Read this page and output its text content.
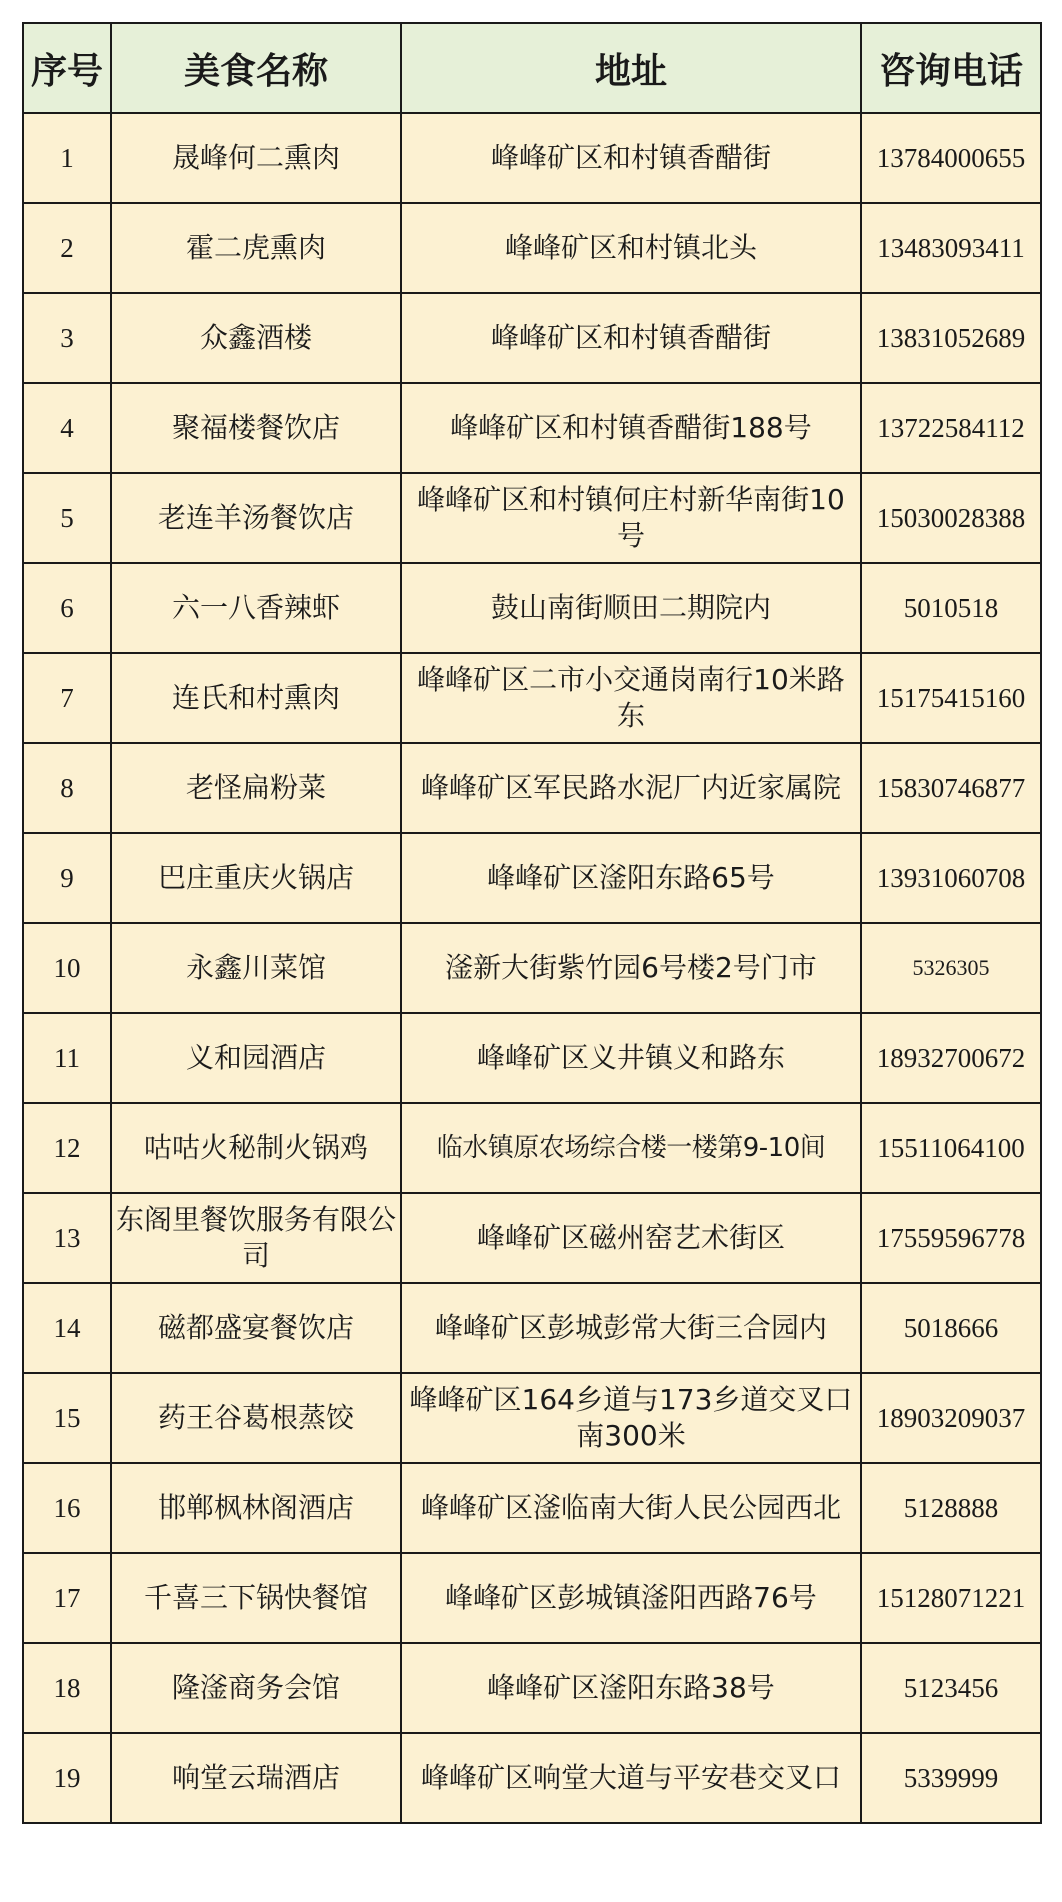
序号	美食名称	地址	咨询电话
1	晟峰何二熏肉	峰峰矿区和村镇香醋街	13784000655
2	霍二虎熏肉	峰峰矿区和村镇北头	13483093411
3	众鑫酒楼	峰峰矿区和村镇香醋街	13831052689
4	聚福楼餐饮店	峰峰矿区和村镇香醋街188号	13722584112
5	老连羊汤餐饮店	峰峰矿区和村镇何庄村新华南街10号	15030028388
6	六一八香辣虾	鼓山南街顺田二期院内	5010518
7	连氏和村熏肉	峰峰矿区二市小交通岗南行10米路东	15175415160
8	老怪扁粉菜	峰峰矿区军民路水泥厂内近家属院	15830746877
9	巴庄重庆火锅店	峰峰矿区滏阳东路65号	13931060708
10	永鑫川菜馆	滏新大街紫竹园6号楼2号门市	5326305
11	义和园酒店	峰峰矿区义井镇义和路东	18932700672
12	咕咕火秘制火锅鸡	临水镇原农场综合楼一楼第9-10间	15511064100
13	东阁里餐饮服务有限公司	峰峰矿区磁州窑艺术街区	17559596778
14	磁都盛宴餐饮店	峰峰矿区彭城彭常大街三合园内	5018666
15	药王谷葛根蒸饺	峰峰矿区164乡道与173乡道交叉口南300米	18903209037
16	邯郸枫林阁酒店	峰峰矿区滏临南大街人民公园西北	5128888
17	千喜三下锅快餐馆	峰峰矿区彭城镇滏阳西路76号	15128071221
18	隆滏商务会馆	峰峰矿区滏阳东路38号	5123456
19	响堂云瑞酒店	峰峰矿区响堂大道与平安巷交叉口	5339999
